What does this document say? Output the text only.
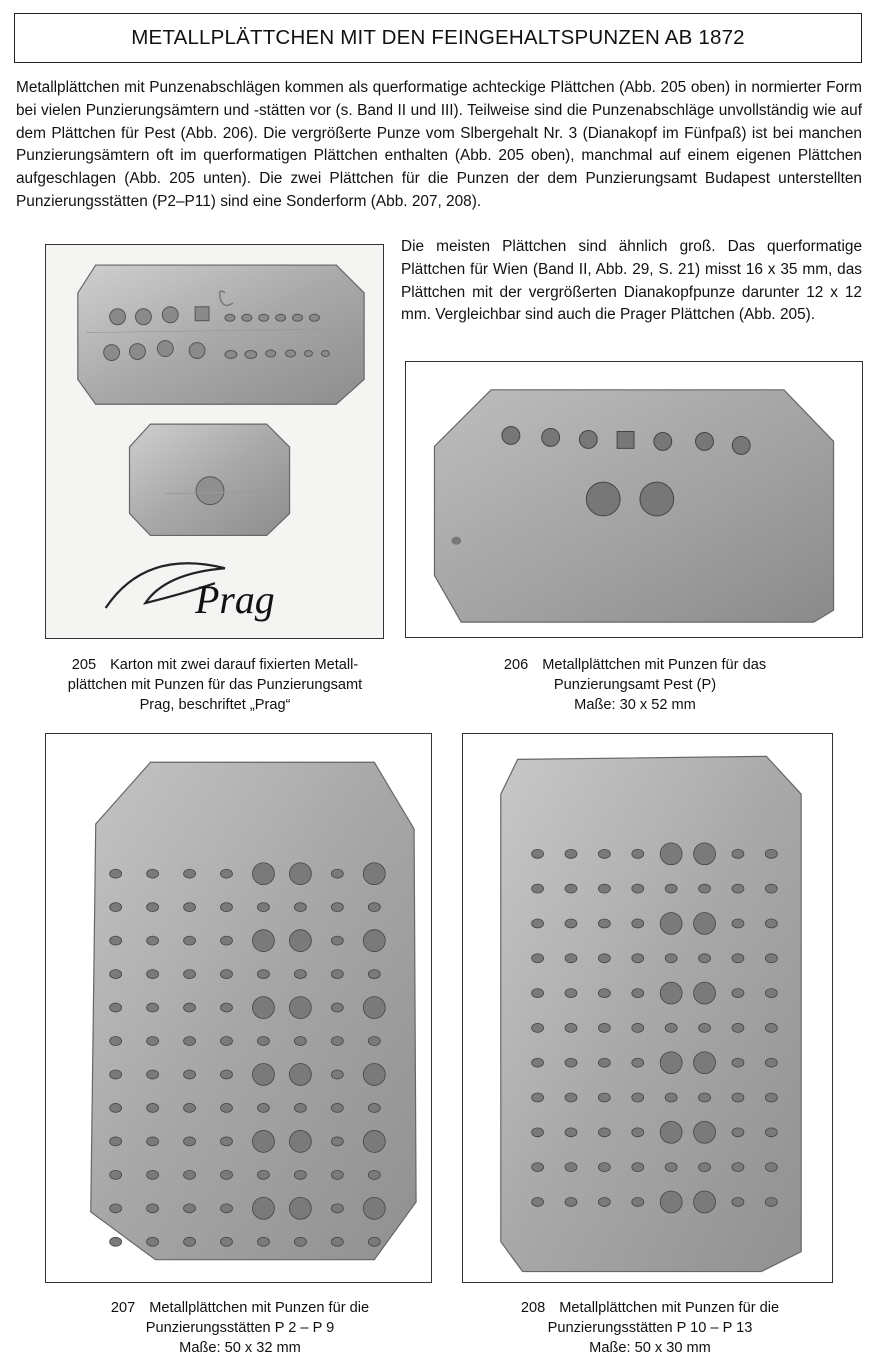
METALLPLÄTTCHEN MIT DEN FEINGEHALTSPUNZEN AB 1872
Metallplättchen mit Punzenabschlägen kommen als querformatige achteckige Plättchen (Abb. 205 oben) in normierter Form bei vielen Punzierungsämtern und -stätten vor (s. Band II und III). Teilweise sind die Punzenabschläge unvollständig wie auf dem Plättchen für Pest (Abb. 206). Die vergrößerte Punze vom Slbergehalt Nr. 3 (Dianakopf im Fünfpaß) ist bei manchen Punzierungsämtern oft im querformatigen Plättchen enthalten (Abb. 205 oben), manchmal auf einem eigenen Plättchen aufgeschlagen (Abb. 205 unten). Die zwei Plättchen für die Punzen der dem Punzierungsamt Budapest unterstellten Punzierungsstätten (P2–P11) sind eine Sonderform (Abb. 207, 208).
Prag
Die meisten Plättchen sind ähnlich groß. Das querformatige Plättchen für Wien (Band II, Abb. 29, S. 21) misst 16 x 35 mm, das Plättchen mit der vergrößerten Dianakopfpunze darunter 12 x 12 mm. Vergleichbar sind auch die Prager Plättchen (Abb. 205).
205 Karton mit zwei darauf fixierten Metall-
plättchen mit Punzen für das Punzierungsamt
Prag, beschriftet „Prag“
206 Metallplättchen mit Punzen für das
Punzierungsamt Pest (P)
Maße: 30 x 52 mm
207 Metallplättchen mit Punzen für die
Punzierungsstätten P 2 – P 9
Maße: 50 x 32 mm
208 Metallplättchen mit Punzen für die
Punzierungsstätten P 10 – P 13
Maße: 50 x 30 mm
